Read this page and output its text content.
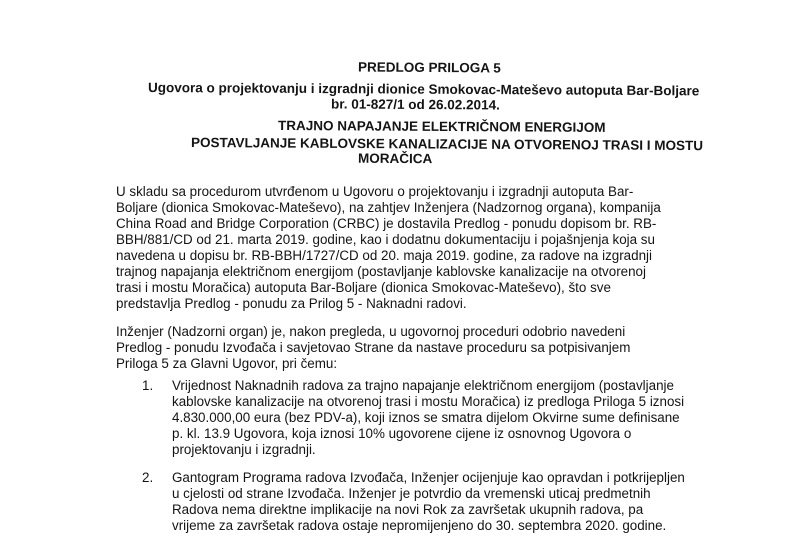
PREDLOG PRILOGA 5
Ugovora o projektovanju i izgradnji dionice Smokovac-Mateševo autoputa Bar-Boljare
br. 01-827/1 od 26.02.2014.
TRAJNO NAPAJANJE ELEKTRIČNOM ENERGIJOM
POSTAVLJANJE KABLOVSKE KANALIZACIJE NA OTVORENOJ TRASI I MOSTU
MORAČICA
U skladu sa procedurom utvrđenom u Ugovoru o projektovanju i izgradnji autoputa Bar-
Boljare (dionica Smokovac-Mateševo), na zahtjev Inženjera (Nadzornog organa), kompanija
China Road and Bridge Corporation (CRBC) je dostavila Predlog - ponudu dopisom br. RB-
BBH/881/CD od 21. marta 2019. godine, kao i dodatnu dokumentaciju i pojašnjenja koja su
navedena u dopisu br. RB-BBH/1727/CD od 20. maja 2019. godine, za radove na izgradnji
trajnog napajanja električnom energijom (postavljanje kablovske kanalizacije na otvorenoj
trasi i mostu Moračica) autoputa Bar-Boljare (dionica Smokovac-Mateševo), što sve
predstavlja Predlog - ponudu za Prilog 5 - Naknadni radovi.
Inženjer (Nadzorni organ) je, nakon pregleda, u ugovornoj proceduri odobrio navedeni
Predlog - ponudu Izvođača i savjetovao Strane da nastave proceduru sa potpisivanjem
Priloga 5 za Glavni Ugovor, pri čemu:
1. Vrijednost Naknadnih radova za trajno napajanje električnom energijom (postavljanje
kablovske kanalizacije na otvorenoj trasi i mostu Moračica) iz predloga Priloga 5 iznosi
4.830.000,00 eura (bez PDV-a), koji iznos se smatra dijelom Okvirne sume definisane
p. kl. 13.9 Ugovora, koja iznosi 10% ugovorene cijene iz osnovnog Ugovora o
projektovanju i izgradnji.
2. Gantogram Programa radova Izvođača, Inženjer ocijenjuje kao opravdan i potkrijepljen
u cjelosti od strane Izvođača. Inženjer je potvrdio da vremenski uticaj predmetnih
Radova nema direktne implikacije na novi Rok za završetak ukupnih radova, pa
vrijeme za završetak radova ostaje nepromijenjeno do 30. septembra 2020. godine.
